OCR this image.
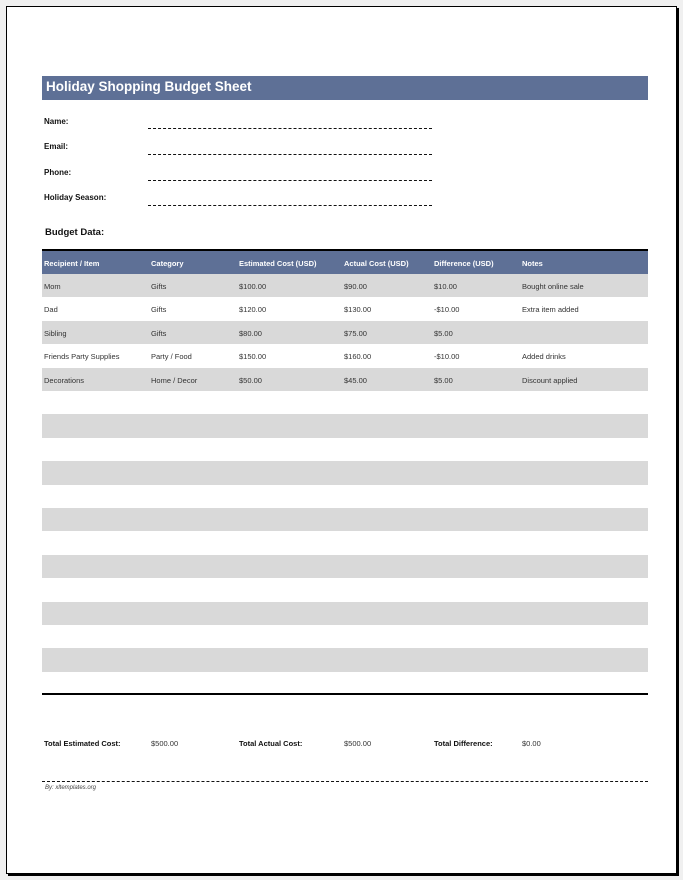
Holiday Shopping Budget Sheet
Name:
Email:
Phone:
Holiday Season:
Budget Data:
Recipient / Item	Category	Estimated Cost (USD)	Actual Cost (USD)	Difference (USD)	Notes
Mom	Gifts	$100.00	$90.00	$10.00	Bought online sale
Dad	Gifts	$120.00	$130.00	-$10.00	Extra item added
Sibling	Gifts	$80.00	$75.00	$5.00
Friends Party Supplies	Party / Food	$150.00	$160.00	-$10.00	Added drinks
Decorations	Home / Decor	$50.00	$45.00	$5.00	Discount applied
Total Estimated Cost:	$500.00	Total Actual Cost:	$500.00	Total Difference:	$0.00
By: xltemplates.org
